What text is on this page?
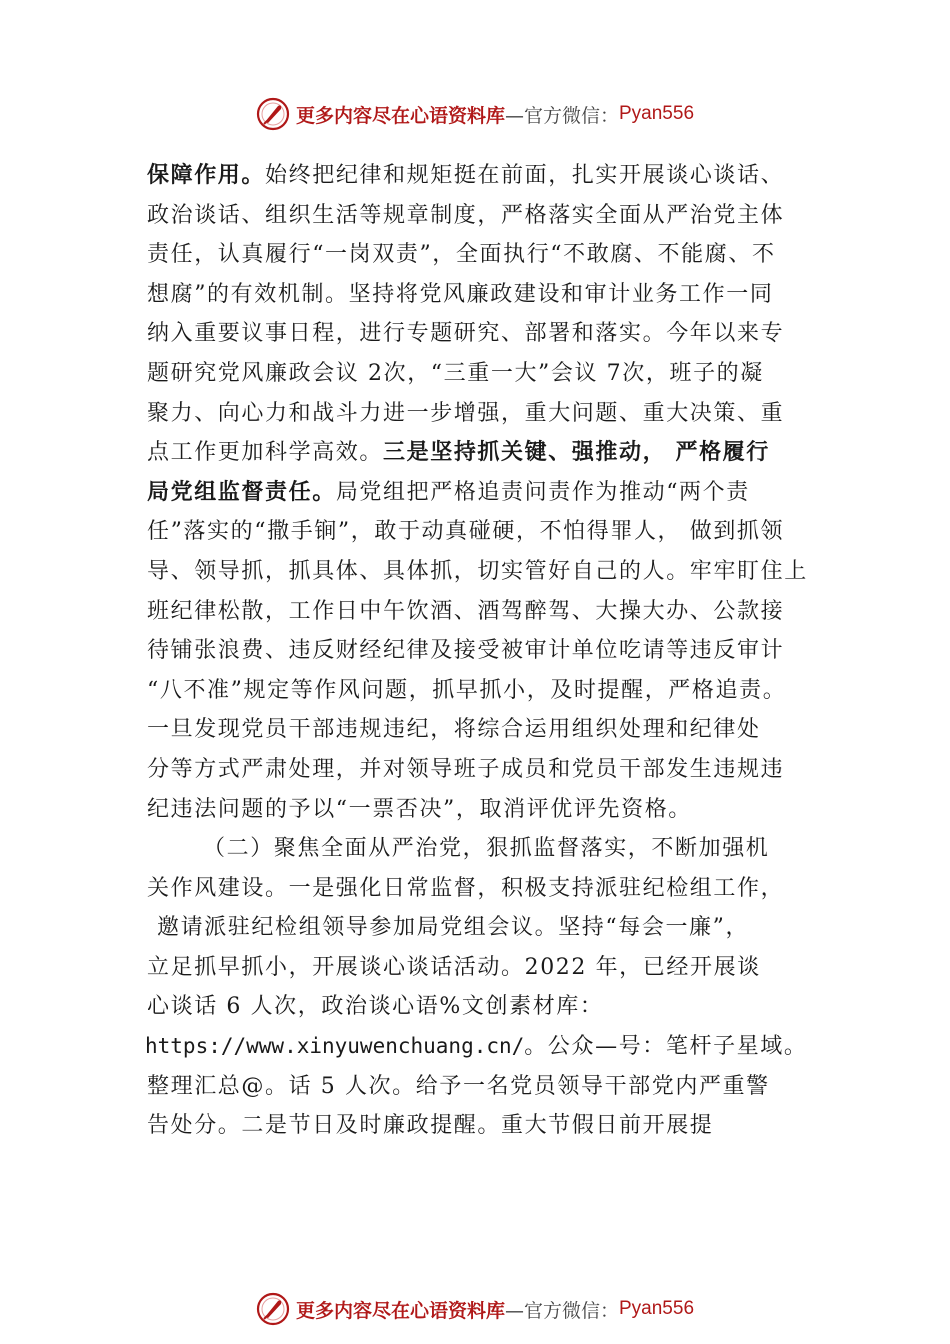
更多内容尽在心语资料库 —官方微信： Pyan556
保障作用。始终把纪律和规矩挺在前面，扎实开展谈心谈话、
政治谈话、组织生活等规章制度，严格落实全面从严治党主体
责任，认真履行“一岗双责”，全面执行“不敢腐、不能腐、不
想腐”的有效机制。坚持将党风廉政建设和审计业务工作一同
纳入重要议事日程，进行专题研究、部署和落实。今年以来专
题研究党风廉政会议 2次，“三重一大”会议 7次，班子的凝
聚力、向心力和战斗力进一步增强，重大问题、重大决策、重
点工作更加科学高效。三是坚持抓关键、强推动， 严格履行
局党组监督责任。局党组把严格追责问责作为推动“两个责
任”落实的“撒手锏”，敢于动真碰硬，不怕得罪人， 做到抓领
导、领导抓，抓具体、具体抓，切实管好自己的人。牢牢盯住上
班纪律松散，工作日中午饮酒、酒驾醉驾、大操大办、公款接
待铺张浪费、违反财经纪律及接受被审计单位吃请等违反审计
“八不准”规定等作风问题，抓早抓小，及时提醒，严格追责。
一旦发现党员干部违规违纪，将综合运用组织处理和纪律处
分等方式严肃处理，并对领导班子成员和党员干部发生违规违
纪违法问题的予以“一票否决”，取消评优评先资格。
（二）聚焦全面从严治党，狠抓监督落实，不断加强机
关作风建设。一是强化日常监督，积极支持派驻纪检组工作，
邀请派驻纪检组领导参加局党组会议。坚持“每会一廉”，
立足抓早抓小，开展谈心谈话活动。2022 年，已经开展谈
心谈话 6 人次，政治谈心语%文创素材库：
https://www.xinyuwenchuang.cn/。公众—号：笔杆子星域。
整理汇总@。话 5 人次。给予一名党员领导干部党内严重警
告处分。二是节日及时廉政提醒。重大节假日前开展提
更多内容尽在心语资料库 —官方微信： Pyan556
